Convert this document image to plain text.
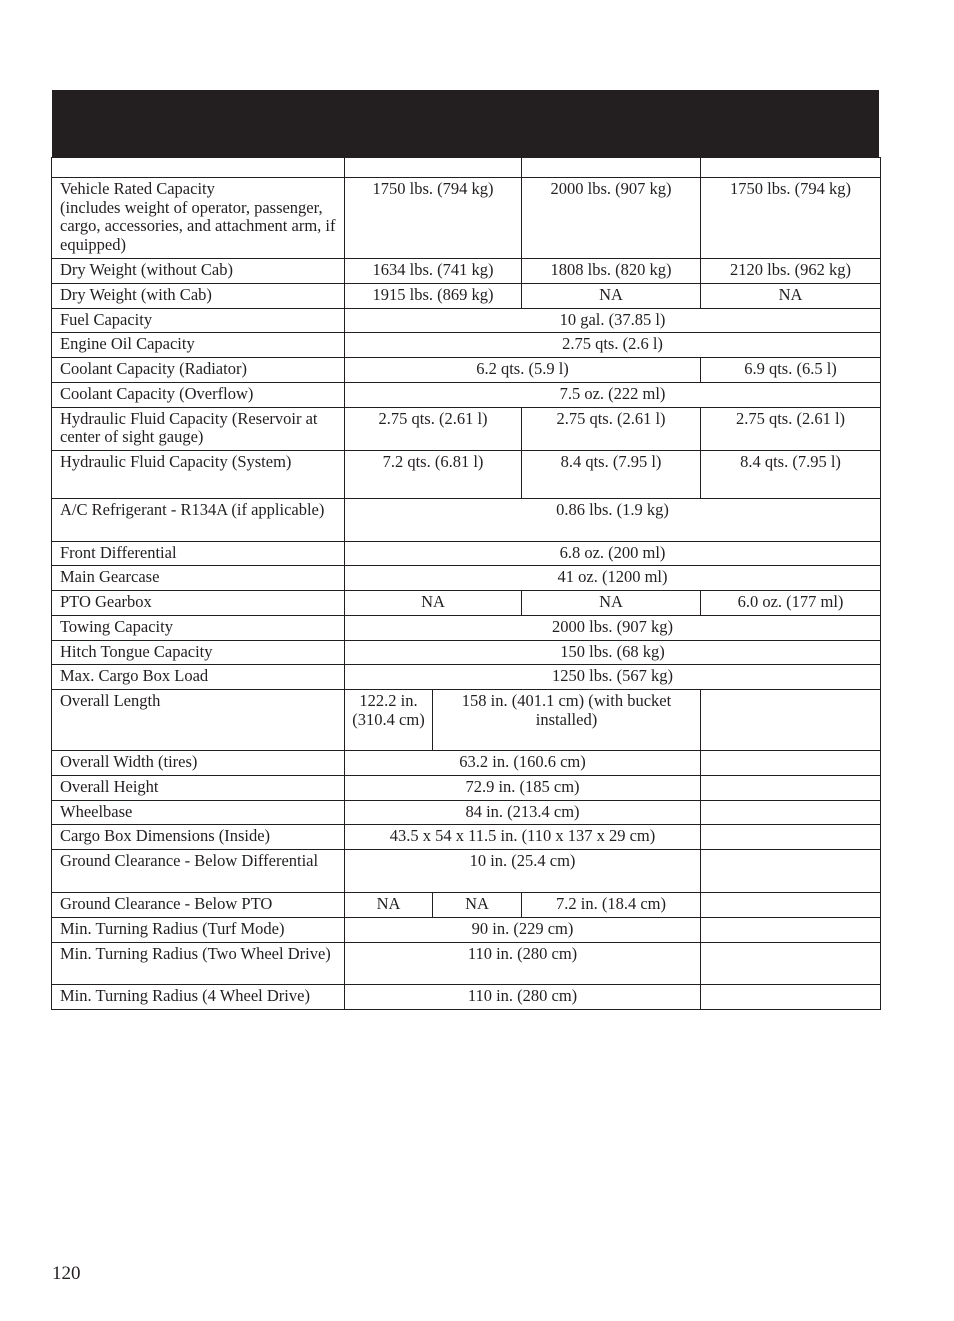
Vehicle Rated Capacity
(includes weight of operator, passenger, cargo, accessories, and attachment arm, if equipped)	1750 lbs. (794 kg)		2000 lbs. (907 kg)	1750 lbs. (794 kg)
Dry Weight (without Cab)	1634 lbs. (741 kg)		1808 lbs. (820 kg)	2120 lbs. (962 kg)
Dry Weight (with Cab)	1915 lbs. (869 kg)		NA	NA
Fuel Capacity	10 gal. (37.85 l)			
Engine Oil Capacity	2.75 qts. (2.6 l)			
Coolant Capacity (Radiator)	6.2 qts. (5.9 l)			6.9 qts. (6.5 l)
Coolant Capacity (Overflow)	7.5 oz. (222 ml)			
Hydraulic Fluid Capacity (Reservoir at center of sight gauge)	2.75 qts. (2.61 l)		2.75 qts. (2.61 l)	2.75 qts. (2.61 l)
Hydraulic Fluid Capacity (System)	7.2 qts. (6.81 l)		8.4 qts. (7.95 l)	8.4 qts. (7.95 l)
A/C Refrigerant - R134A (if applicable)	0.86 lbs. (1.9 kg)			
Front Differential	6.8 oz. (200 ml)			
Main Gearcase	41 oz. (1200 ml)			
PTO Gearbox	NA		NA	6.0 oz. (177 ml)
Towing Capacity	2000 lbs. (907 kg)			
Hitch Tongue Capacity	150 lbs. (68 kg)			
Max. Cargo Box Load	1250 lbs. (567 kg)			
Overall Length	122.2 in. (310.4 cm)	158 in. (401.1 cm) (with bucket installed)		
Overall Width (tires)	63.2 in. (160.6 cm)			
Overall Height	72.9 in. (185 cm)			
Wheelbase	84 in. (213.4 cm)			
Cargo Box Dimensions (Inside)	43.5 x 54 x 11.5 in. (110 x 137 x 29 cm)			
Ground Clearance - Below Differential	10 in. (25.4 cm)			
Ground Clearance - Below PTO	NA	NA	7.2 in. (18.4 cm)	
Min. Turning Radius (Turf Mode)	90 in. (229 cm)			
Min. Turning Radius (Two Wheel Drive)	110 in. (280 cm)			
Min. Turning Radius (4 Wheel Drive)	110 in. (280 cm)			
120
